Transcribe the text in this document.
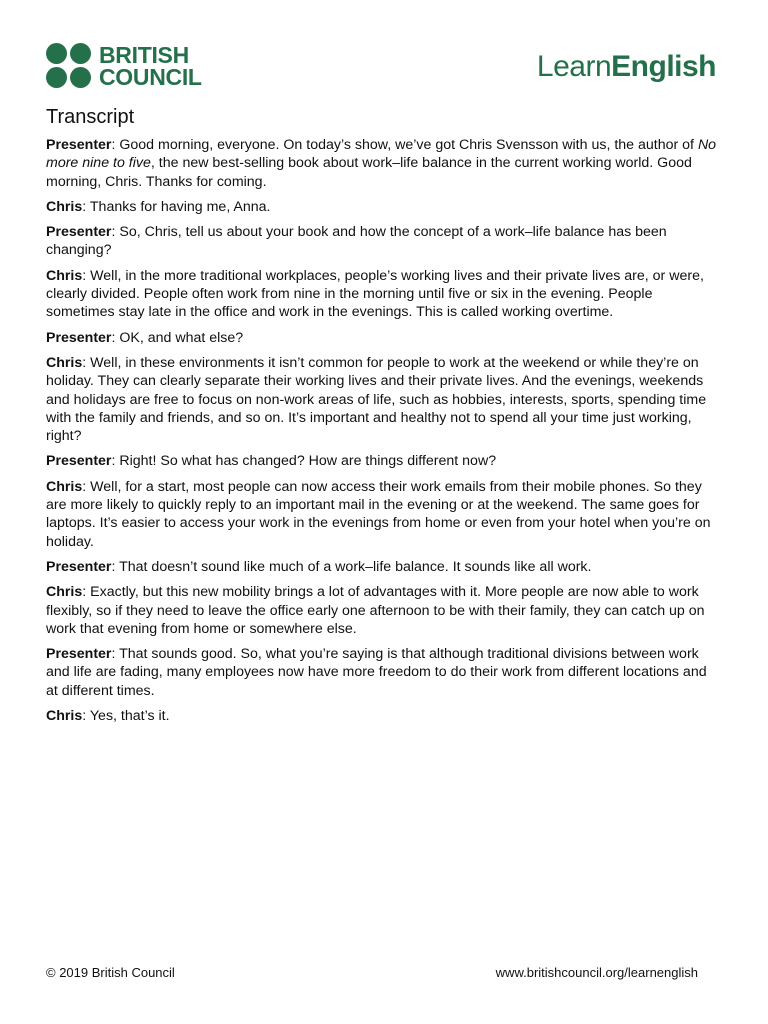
BRITISH
COUNCIL	LearnEnglish
Transcript

Presenter: Good morning, everyone. On today’s show, we’ve got Chris Svensson with us, the author of No more nine to five, the new best-selling book about work–life balance in the current working world. Good morning, Chris. Thanks for coming.

Chris: Thanks for having me, Anna.

Presenter: So, Chris, tell us about your book and how the concept of a work–life balance has been changing?

Chris: Well, in the more traditional workplaces, people’s working lives and their private lives are, or were, clearly divided. People often work from nine in the morning until five or six in the evening. People sometimes stay late in the office and work in the evenings. This is called working overtime.

Presenter: OK, and what else?

Chris: Well, in these environments it isn’t common for people to work at the weekend or while they’re on holiday. They can clearly separate their working lives and their private lives. And the evenings, weekends and holidays are free to focus on non-work areas of life, such as hobbies, interests, sports, spending time with the family and friends, and so on. It’s important and healthy not to spend all your time just working, right?

Presenter: Right! So what has changed? How are things different now?

Chris: Well, for a start, most people can now access their work emails from their mobile phones. So they are more likely to quickly reply to an important mail in the evening or at the weekend. The same goes for laptops. It’s easier to access your work in the evenings from home or even from your hotel when you’re on holiday.

Presenter: That doesn’t sound like much of a work–life balance. It sounds like all work.

Chris: Exactly, but this new mobility brings a lot of advantages with it. More people are now able to work flexibly, so if they need to leave the office early one afternoon to be with their family, they can catch up on work that evening from home or somewhere else.

Presenter: That sounds good. So, what you’re saying is that although traditional divisions between work and life are fading, many employees now have more freedom to do their work from different locations and at different times.

Chris: Yes, that’s it.

© 2019 British Council	www.britishcouncil.org/learnenglish
